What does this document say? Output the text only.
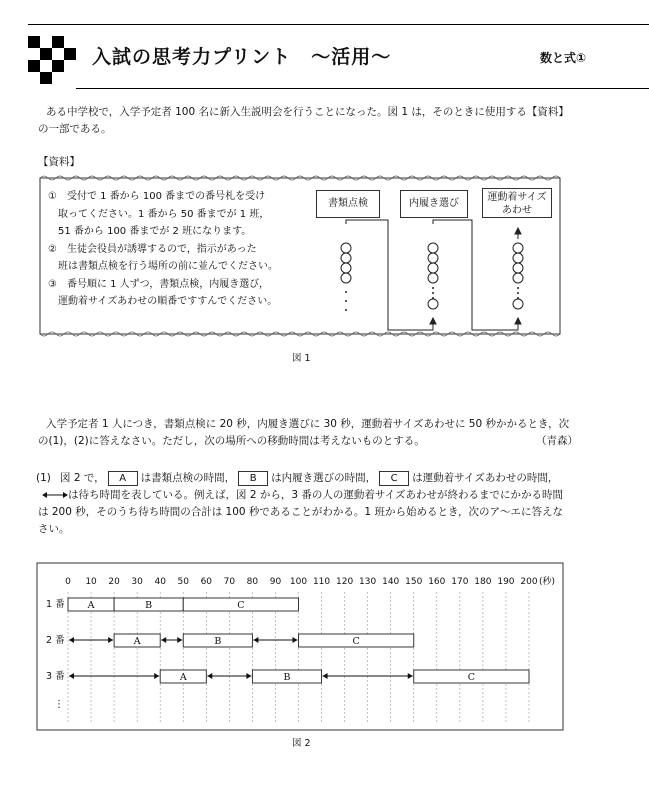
入試の思考力プリント　～活用～	数と式①
ある中学校で，入学予定者 100 名に新入生説明会を行うことになった。図 1 は，そのときに使用する【資料】
の一部である。
【資料】
①　受付で 1 番から 100 番までの番号札を受け
　取ってください。1 番から 50 番までが 1 班，
　51 番から 100 番までが 2 班になります。
②　生徒会役員が誘導するので，指示があった
　班は書類点検を行う場所の前に並んでください。
③　番号順に 1 人ずつ，書類点検，内履き選び，
　運動着サイズあわせの順番ですすんでください。
書類点検	内履き選び
運動着サイズ
あわせ
図 1
入学予定者 1 人につき，書類点検に 20 秒，内履き選びに 30 秒，運動着サイズあわせに 50 秒かかるとき，次
の(1)，(2)に答えなさい。ただし，次の場所への移動時間は考えないものとする。	（青森）
(1) 図 2 で， A は書類点検の時間， B は内履き選びの時間， C は運動着サイズあわせの時間，
は待ち時間を表している。例えば，図 2 から，3 番の人の運動着サイズあわせが終わるまでにかかる時間
は 200 秒，そのうち待ち時間の合計は 100 秒であることがわかる。1 班から始めるとき，次のア～エに答えな
さい。
0 10 20 30 40 50 60 70 80 90 100 110 120 130 140 150 160 170 180 190 200 (秒)
1 番 A	B	C
2 番	A	B	C
3 番	A	B	C
⋮
図 2
